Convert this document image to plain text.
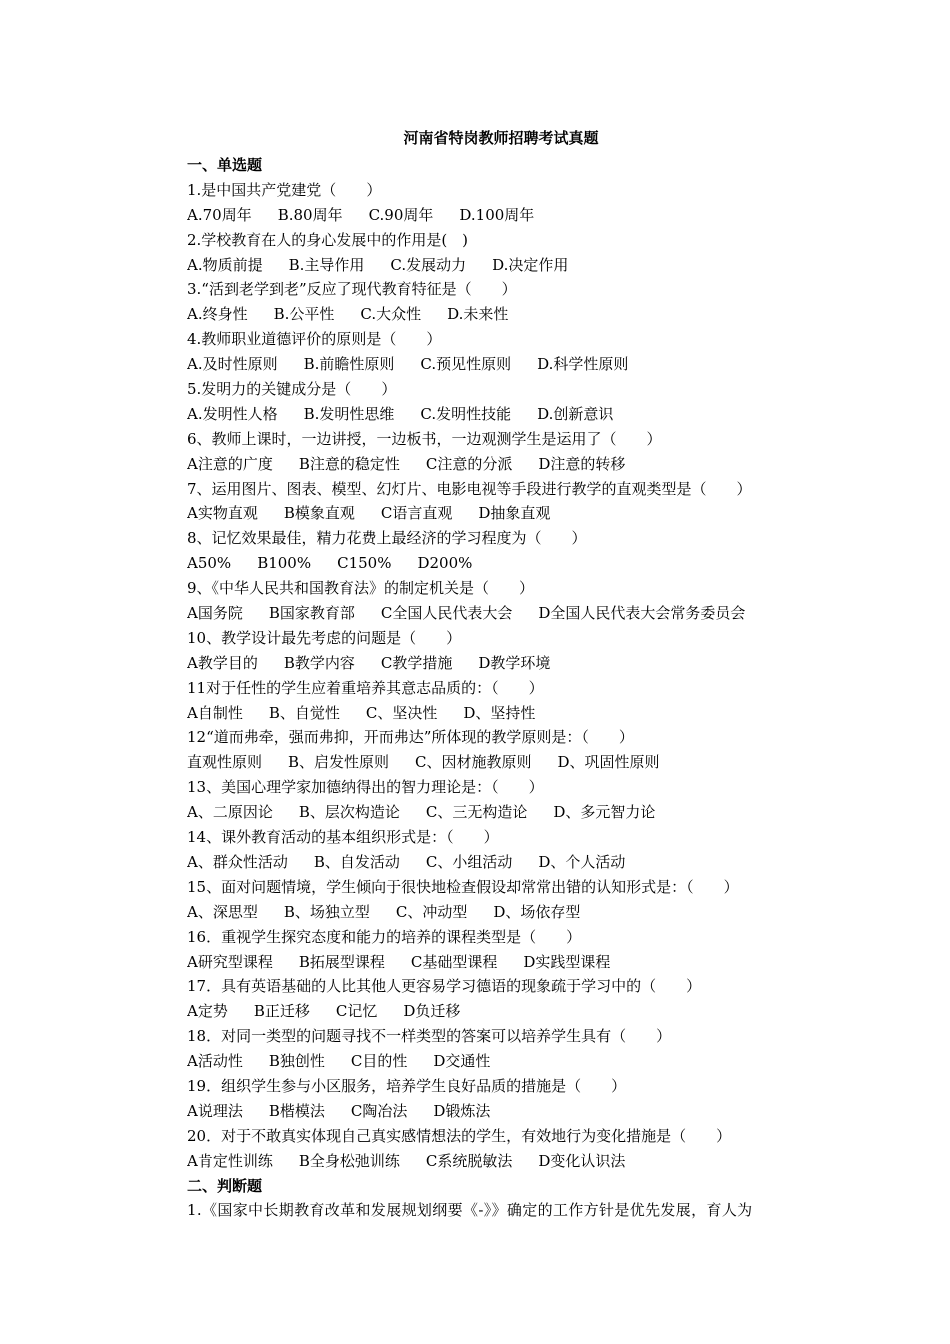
河南省特岗教师招聘考试真题
一、单选题
1.是中国共产党建党（　　）
A.70周年 B.80周年 C.90周年 D.100周年
2.学校教育在人的身心发展中的作用是(　)
A.物质前提 B.主导作用 C.发展动力 D.决定作用
3.“活到老学到老”反应了现代教育特征是（　　）
A.终身性 B.公平性 C.大众性 D.未来性
4.教师职业道德评价的原则是（　　）
A.及时性原则 B.前瞻性原则 C.预见性原则 D.科学性原则
5.发明力的关键成分是（　　）
A.发明性人格 B.发明性思维 C.发明性技能 D.创新意识
6、教师上课时，一边讲授，一边板书，一边观测学生是运用了（　　）
A注意的广度 B注意的稳定性 C注意的分派 D注意的转移
7、运用图片、图表、模型、幻灯片、电影电视等手段进行教学的直观类型是（　　）
A实物直观 B模象直观 C语言直观 D抽象直观
8、记忆效果最佳，精力花费上最经济的学习程度为（　　）
A50% B100% C150% D200%
9、《中华人民共和国教育法》的制定机关是（　　）
A国务院 B国家教育部 C全国人民代表大会 D全国人民代表大会常务委员会
10、教学设计最先考虑的问题是（　　）
A教学目的 B教学内容 C教学措施 D教学环境
11对于任性的学生应着重培养其意志品质的：（　　）
A自制性 B、自觉性 C、坚决性 D、坚持性
12“道而弗牵，强而弗抑，开而弗达”所体现的教学原则是：（　　）
直观性原则 B、启发性原则 C、因材施教原则 D、巩固性原则
13、美国心理学家加德纳得出的智力理论是：（　　）
A、二原因论 B、层次构造论 C、三无构造论 D、多元智力论
14、课外教育活动的基本组织形式是：（　　）
A、群众性活动 B、自发活动 C、小组活动 D、个人活动
15、面对问题情境，学生倾向于很快地检查假设却常常出错的认知形式是：（　　）
A、深思型 B、场独立型 C、冲动型 D、场依存型
16．重视学生探究态度和能力的培养的课程类型是（　　）
A研究型课程 B拓展型课程 C基础型课程 D实践型课程
17．具有英语基础的人比其他人更容易学习德语的现象疏于学习中的（　　）
A定势 B正迁移 C记忆 D负迁移
18．对同一类型的问题寻找不一样类型的答案可以培养学生具有（　　）
A活动性 B独创性 C目的性 D交通性
19．组织学生参与小区服务，培养学生良好品质的措施是（　　）
A说理法 B楷模法 C陶冶法 D锻炼法
20．对于不敢真实体现自己真实感情想法的学生，有效地行为变化措施是（　　）
A肯定性训练 B全身松弛训练 C系统脱敏法 D变化认识法
二、判断题
1.《国家中长期教育改革和发展规划纲要《-》》确定的工作方针是优先发展，育人为
